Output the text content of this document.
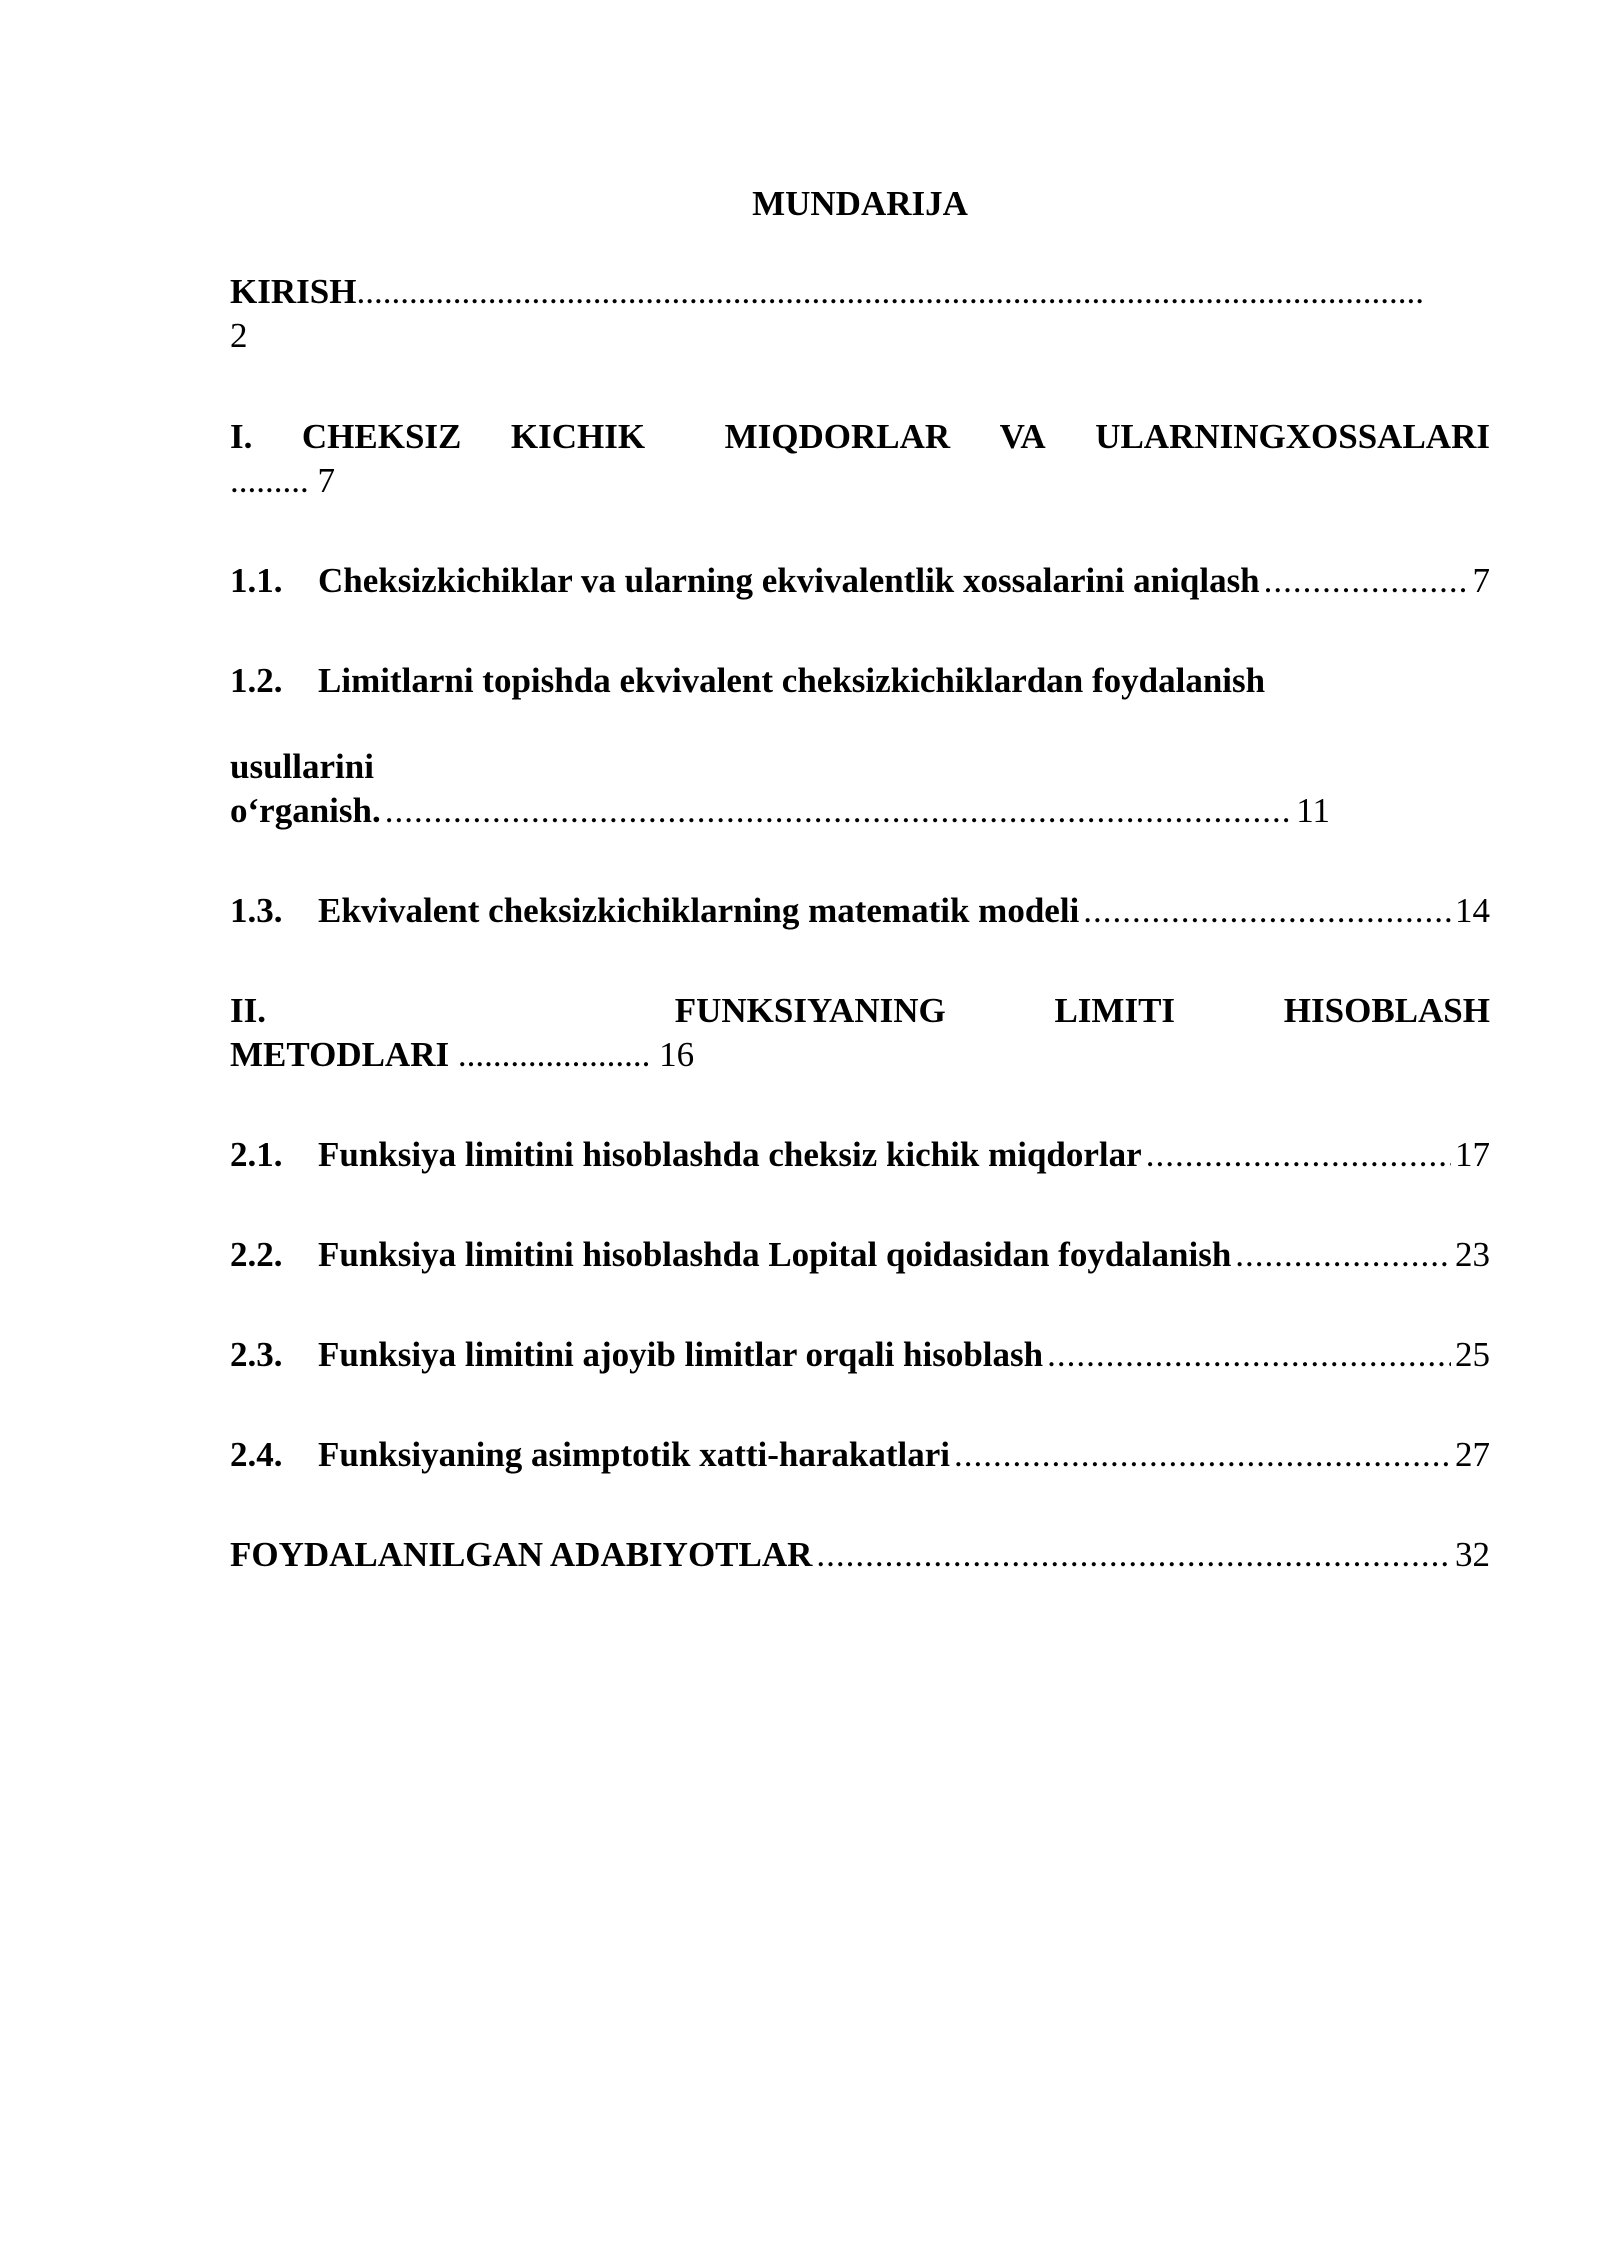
MUNDARIJA
KIRISH..........................................................................................................................
2
I. CHEKSIZ KICHIK MIQDORLAR VA ULARNINGXOSSALARI
......... 7
1.1. Cheksizkichiklar va ularning ekvivalentlik xossalarini aniqlash .....	7
1.2. Limitlarni topishda ekvivalent cheksizkichiklardan foydalanish
usullarini
o‘rganish. .....	11
1.3. Ekvivalent cheksizkichiklarning matematik modeli .....	14
II.	FUNKSIYANING	LIMITI	HISOBLASH
METODLARI ...................... 16
2.1. Funksiya limitini hisoblashda cheksiz kichik miqdorlar .....	17
2.2. Funksiya limitini hisoblashda Lopital qoidasidan foydalanish .....	23
2.3. Funksiya limitini ajoyib limitlar orqali hisoblash .....	25
2.4. Funksiyaning asimptotik xatti-harakatlari .....	27
FOYDALANILGAN ADABIYOTLAR .....	32
